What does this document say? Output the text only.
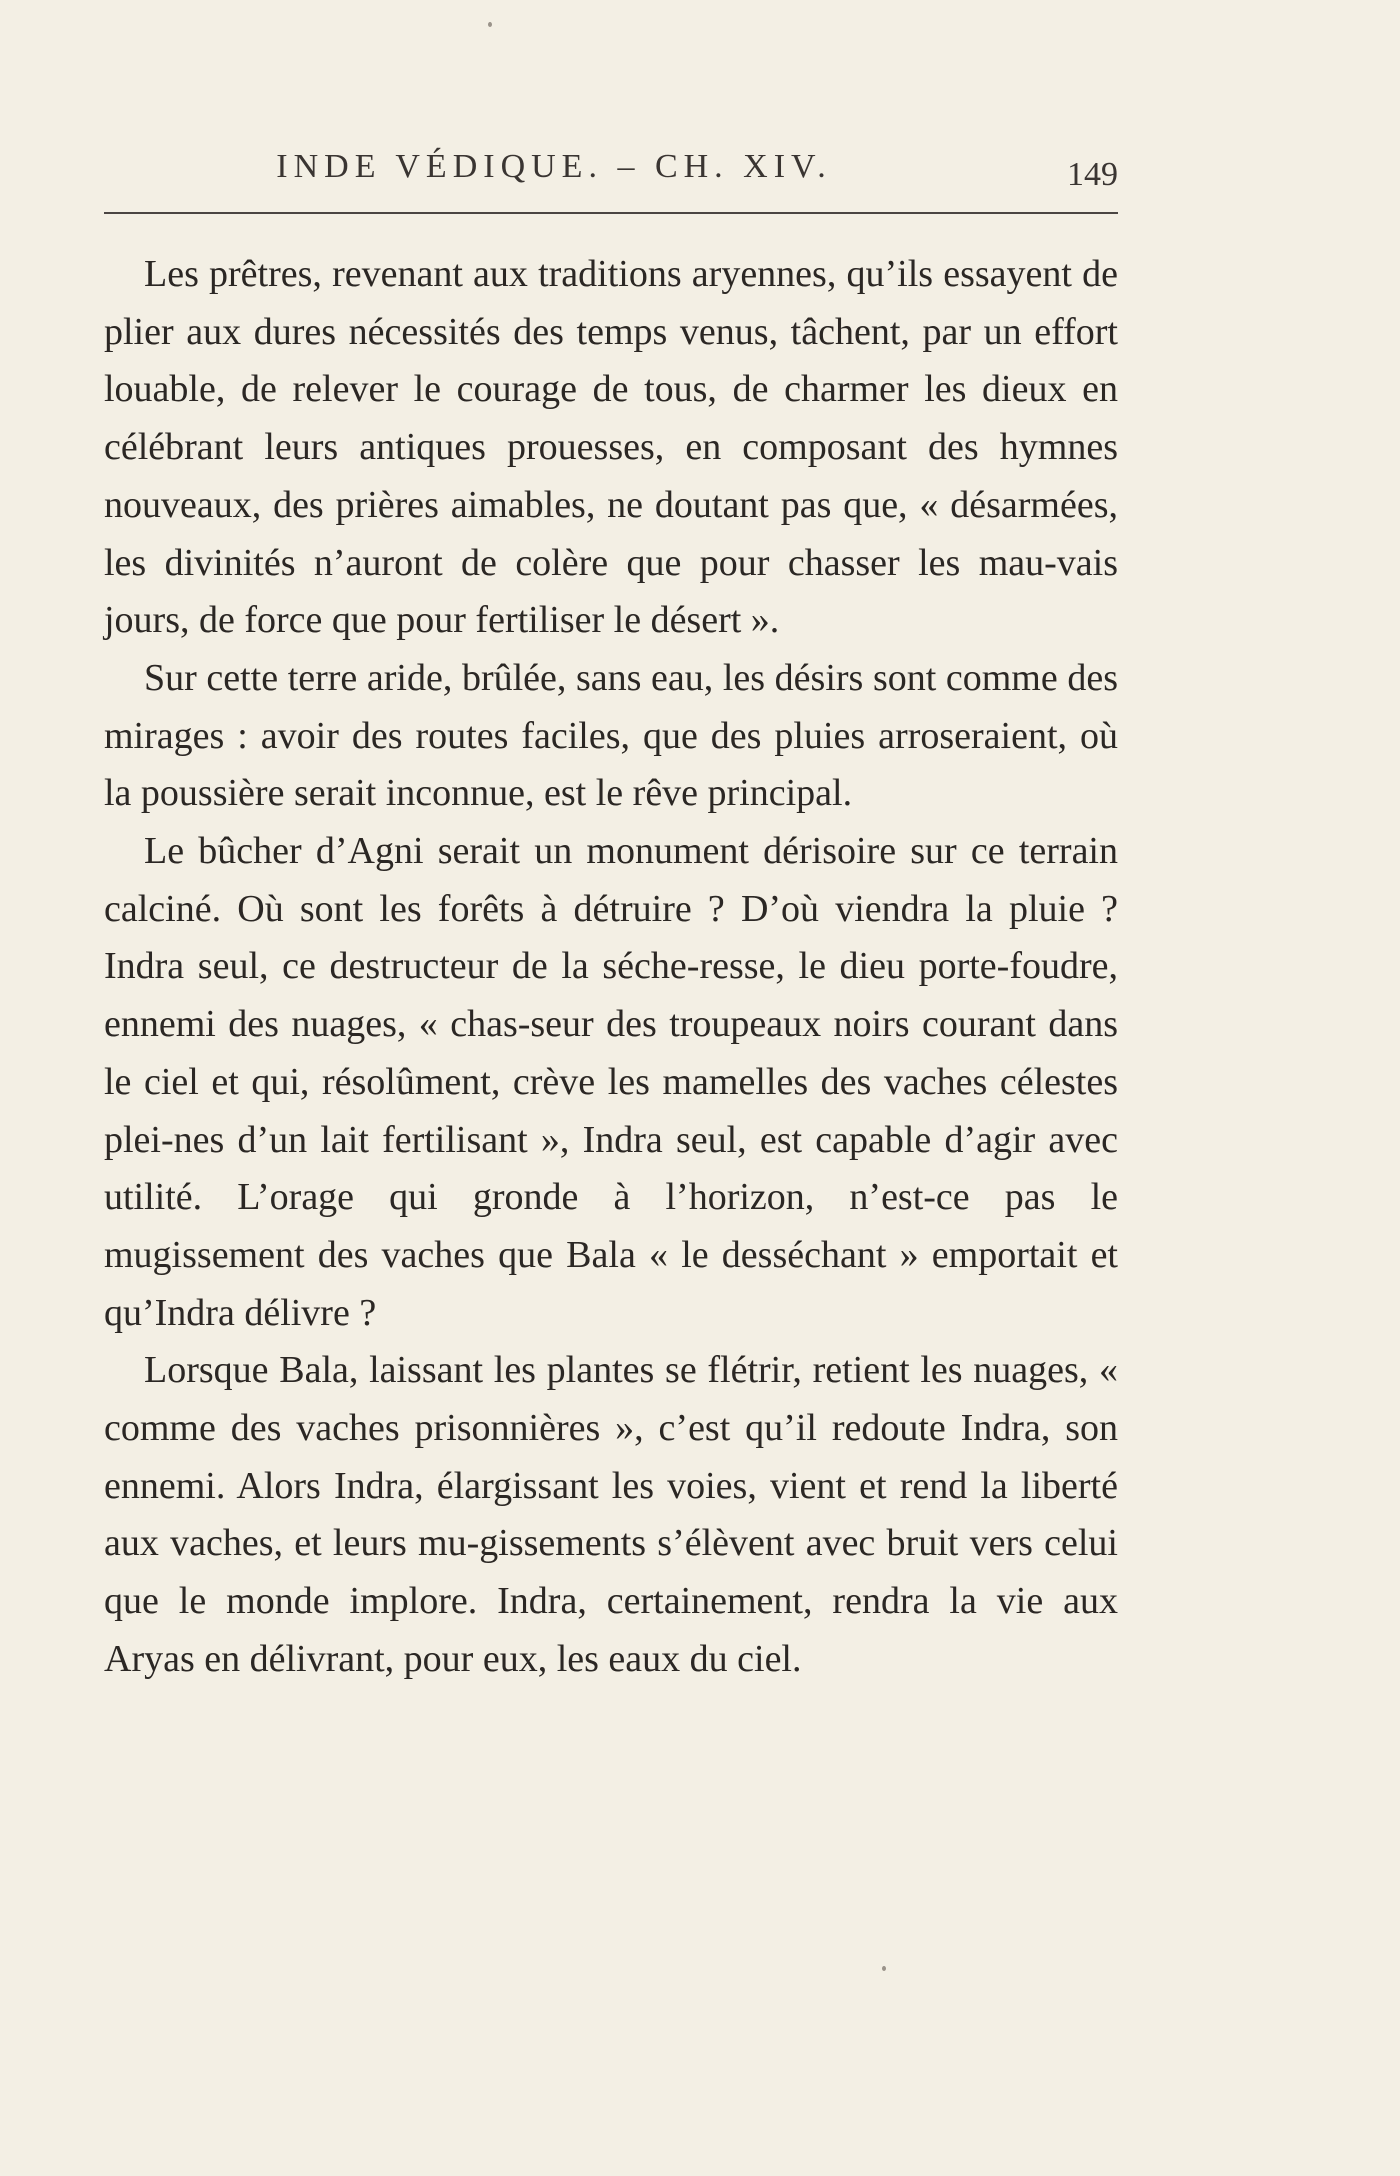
INDE VÉDIQUE. – CH. XIV.	149

Les prêtres, revenant aux traditions aryennes, qu’ils essayent de plier aux dures nécessités des temps venus, tâchent, par un effort louable, de relever le courage de tous, de charmer les dieux en célébrant leurs antiques prouesses, en composant des hymnes nouveaux, des prières aimables, ne doutant pas que, « désarmées, les divinités n’auront de colère que pour chasser les mau-vais jours, de force que pour fertiliser le désert ».

Sur cette terre aride, brûlée, sans eau, les désirs sont comme des mirages : avoir des routes faciles, que des pluies arroseraient, où la poussière serait inconnue, est le rêve principal.

Le bûcher d’Agni serait un monument dérisoire sur ce terrain calciné. Où sont les forêts à détruire ? D’où viendra la pluie ? Indra seul, ce destructeur de la séche-resse, le dieu porte-foudre, ennemi des nuages, « chas-seur des troupeaux noirs courant dans le ciel et qui, résolûment, crève les mamelles des vaches célestes plei-nes d’un lait fertilisant », Indra seul, est capable d’agir avec utilité. L’orage qui gronde à l’horizon, n’est-ce pas le mugissement des vaches que Bala « le desséchant » emportait et qu’Indra délivre ?

Lorsque Bala, laissant les plantes se flétrir, retient les nuages, « comme des vaches prisonnières », c’est qu’il redoute Indra, son ennemi. Alors Indra, élargissant les voies, vient et rend la liberté aux vaches, et leurs mu-gissements s’élèvent avec bruit vers celui que le monde implore. Indra, certainement, rendra la vie aux Aryas en délivrant, pour eux, les eaux du ciel.
